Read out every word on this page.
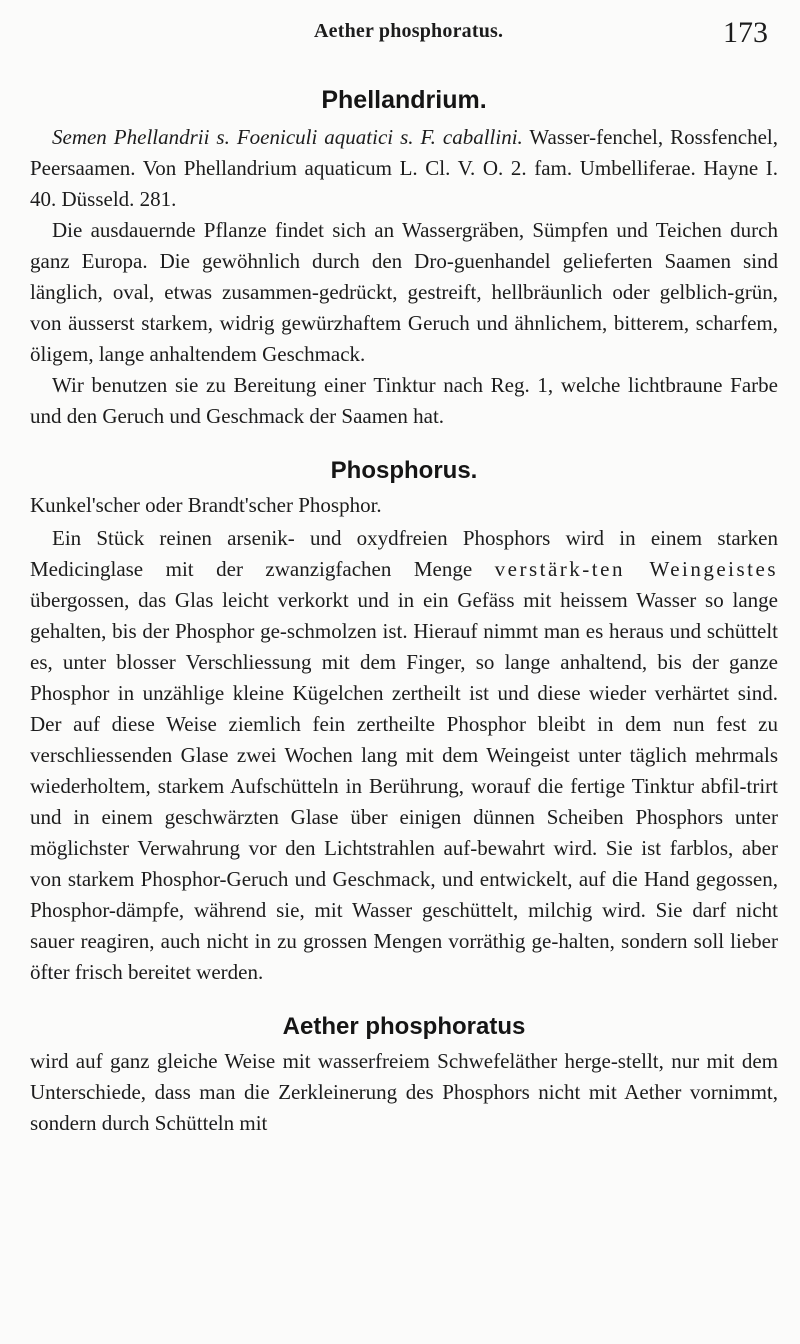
Aether phosphoratus.	173
Phellandrium.

Semen Phellandrii s. Foeniculi aquatici s. F. caballini. Wasser-fenchel, Rossfenchel, Peersaamen. Von Phellandrium aquaticum L. Cl. V. O. 2. fam. Umbelliferae. Hayne I. 40. Düsseld. 281.

Die ausdauernde Pflanze findet sich an Wassergräben, Sümpfen und Teichen durch ganz Europa. Die gewöhnlich durch den Dro-guenhandel gelieferten Saamen sind länglich, oval, etwas zusammen-gedrückt, gestreift, hellbräunlich oder gelblich-grün, von äusserst starkem, widrig gewürzhaftem Geruch und ähnlichem, bitterem, scharfem, öligem, lange anhaltendem Geschmack.

Wir benutzen sie zu Bereitung einer Tinktur nach Reg. 1, welche lichtbraune Farbe und den Geruch und Geschmack der Saamen hat.

Phosphorus.

Kunkel'scher oder Brandt'scher Phosphor.

Ein Stück reinen arsenik- und oxydfreien Phosphors wird in einem starken Medicinglase mit der zwanzigfachen Menge verstärk-ten Weingeistes übergossen, das Glas leicht verkorkt und in ein Gefäss mit heissem Wasser so lange gehalten, bis der Phosphor ge-schmolzen ist. Hierauf nimmt man es heraus und schüttelt es, unter blosser Verschliessung mit dem Finger, so lange anhaltend, bis der ganze Phosphor in unzählige kleine Kügelchen zertheilt ist und diese wieder verhärtet sind. Der auf diese Weise ziemlich fein zertheilte Phosphor bleibt in dem nun fest zu verschliessenden Glase zwei Wochen lang mit dem Weingeist unter täglich mehrmals wiederholtem, starkem Aufschütteln in Berührung, worauf die fertige Tinktur abfil-trirt und in einem geschwärzten Glase über einigen dünnen Scheiben Phosphors unter möglichster Verwahrung vor den Lichtstrahlen auf-bewahrt wird. Sie ist farblos, aber von starkem Phosphor-Geruch und Geschmack, und entwickelt, auf die Hand gegossen, Phosphor-dämpfe, während sie, mit Wasser geschüttelt, milchig wird. Sie darf nicht sauer reagiren, auch nicht in zu grossen Mengen vorräthig ge-halten, sondern soll lieber öfter frisch bereitet werden.

Aether phosphoratus

wird auf ganz gleiche Weise mit wasserfreiem Schwefeläther herge-stellt, nur mit dem Unterschiede, dass man die Zerkleinerung des Phosphors nicht mit Aether vornimmt, sondern durch Schütteln mit
